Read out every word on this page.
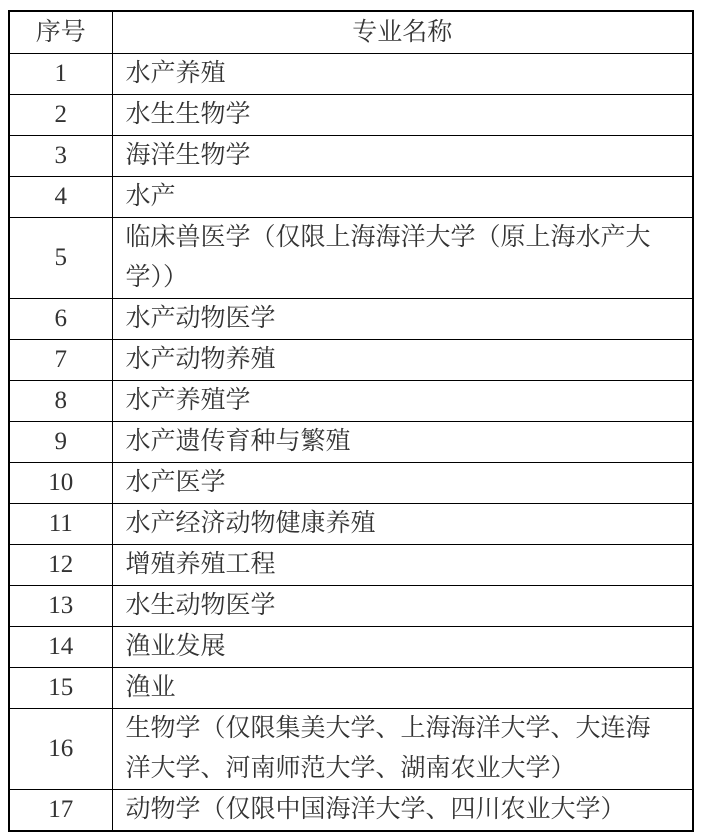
序号	专业名称
1	水产养殖
2	水生生物学
3	海洋生物学
4	水产
5	临床兽医学（仅限上海海洋大学（原上海水产大学））
6	水产动物医学
7	水产动物养殖
8	水产养殖学
9	水产遗传育种与繁殖
10	水产医学
11	水产经济动物健康养殖
12	增殖养殖工程
13	水生动物医学
14	渔业发展
15	渔业
16	生物学（仅限集美大学、上海海洋大学、大连海洋大学、河南师范大学、湖南农业大学）
17	动物学（仅限中国海洋大学、四川农业大学）
